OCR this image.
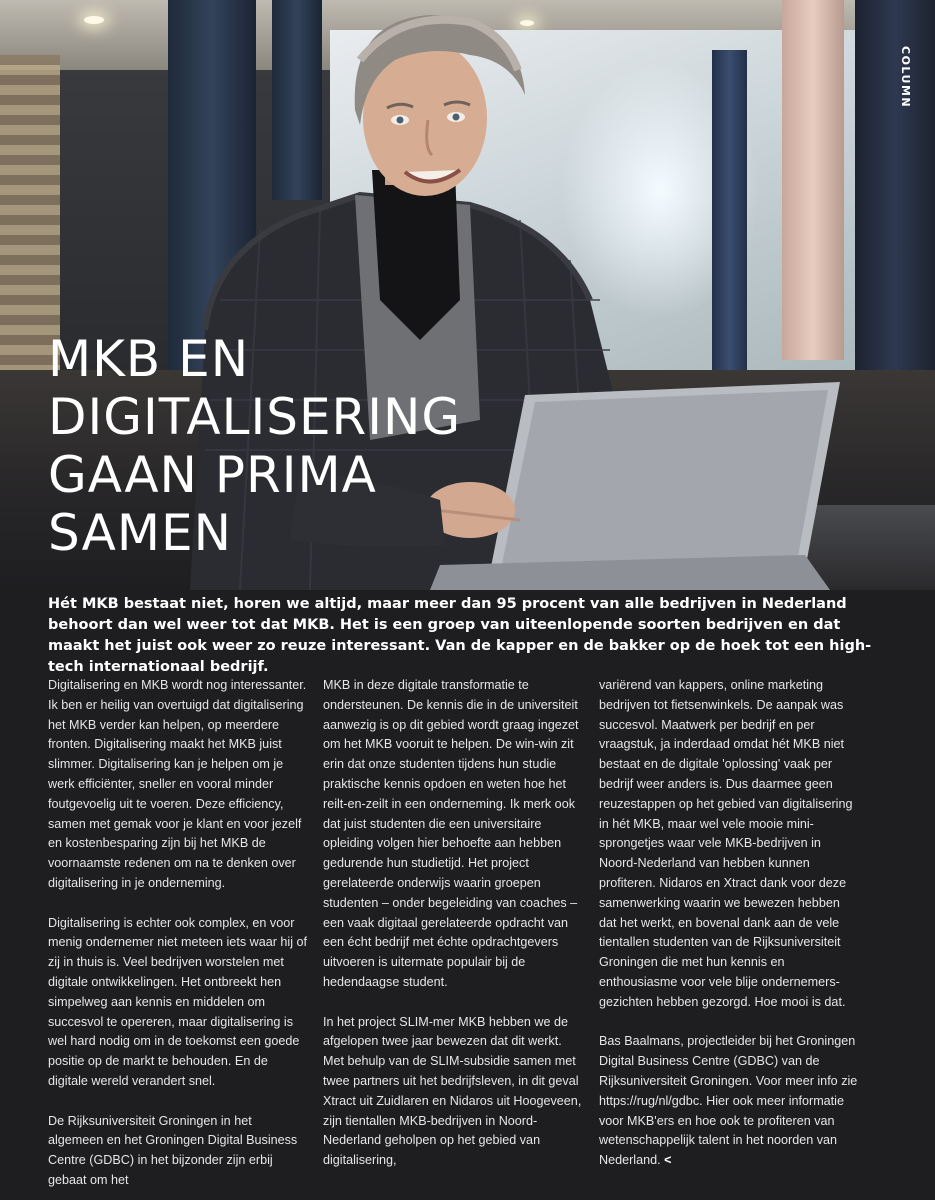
COLUMN
MKB EN
DIGITALISERING
GAAN PRIMA
SAMEN

Hét MKB bestaat niet, horen we altijd, maar meer dan 95 procent van alle bedrijven in Nederland behoort dan wel weer tot dat MKB. Het is een groep van uiteenlopende soorten bedrijven en dat maakt het juist ook weer zo reuze interessant. Van de kapper en de bakker op de hoek tot een high-tech internationaal bedrijf.

Digitalisering en MKB wordt nog interessanter. Ik ben er heilig van overtuigd dat digitalisering het MKB verder kan helpen, op meerdere fronten. Digitalisering maakt het MKB juist slimmer. Digitalisering kan je helpen om je werk efficiënter, sneller en vooral minder foutgevoelig uit te voeren. Deze efficiency, samen met gemak voor je klant en voor jezelf en kostenbesparing zijn bij het MKB de voornaamste redenen om na te denken over digitalisering in je onderneming.

Digitalisering is echter ook complex, en voor menig ondernemer niet meteen iets waar hij of zij in thuis is. Veel bedrijven worstelen met digitale ontwikkelingen. Het ontbreekt hen simpelweg aan kennis en middelen om succesvol te opereren, maar digitalisering is wel hard nodig om in de toekomst een goede positie op de markt te behouden. En de digitale wereld verandert snel.

De Rijksuniversiteit Groningen in het algemeen en het Groningen Digital Business Centre (GDBC) in het bijzonder zijn erbij gebaat om het

MKB in deze digitale transformatie te ondersteunen. De kennis die in de universiteit aanwezig is op dit gebied wordt graag ingezet om het MKB vooruit te helpen. De win-win zit erin dat onze studenten tijdens hun studie praktische kennis opdoen en weten hoe het reilt-en-zeilt in een onderneming. Ik merk ook dat juist studenten die een universitaire opleiding volgen hier behoefte aan hebben gedurende hun studietijd. Het project gerelateerde onderwijs waarin groepen studenten – onder begeleiding van coaches – een vaak digitaal gerelateerde opdracht van een écht bedrijf met échte opdrachtgevers uitvoeren is uitermate populair bij de hedendaagse student.

In het project SLIM-mer MKB hebben we de afgelopen twee jaar bewezen dat dit werkt. Met behulp van de SLIM-subsidie samen met twee partners uit het bedrijfsleven, in dit geval Xtract uit Zuidlaren en Nidaros uit Hoogeveen, zijn tientallen MKB-bedrijven in Noord-Nederland geholpen op het gebied van digitalisering,

variërend van kappers, online marketing bedrijven tot fietsenwinkels. De aanpak was succesvol. Maatwerk per bedrijf en per vraagstuk, ja inderdaad omdat hét MKB niet bestaat en de digitale 'oplossing' vaak per bedrijf weer anders is. Dus daarmee geen reuzestappen op het gebied van digitalisering in hét MKB, maar wel vele mooie mini-sprongetjes waar vele MKB-bedrijven in Noord-Nederland van hebben kunnen profiteren. Nidaros en Xtract dank voor deze samenwerking waarin we bewezen hebben dat het werkt, en bovenal dank aan de vele tientallen studenten van de Rijksuniversiteit Groningen die met hun kennis en enthousiasme voor vele blije ondernemers-gezichten hebben gezorgd. Hoe mooi is dat.

Bas Baalmans, projectleider bij het Groningen Digital Business Centre (GDBC) van de Rijksuniversiteit Groningen. Voor meer info zie https://rug/nl/gdbc. Hier ook meer informatie voor MKB'ers en hoe ook te profiteren van wetenschappelijk talent in het noorden van Nederland. <
